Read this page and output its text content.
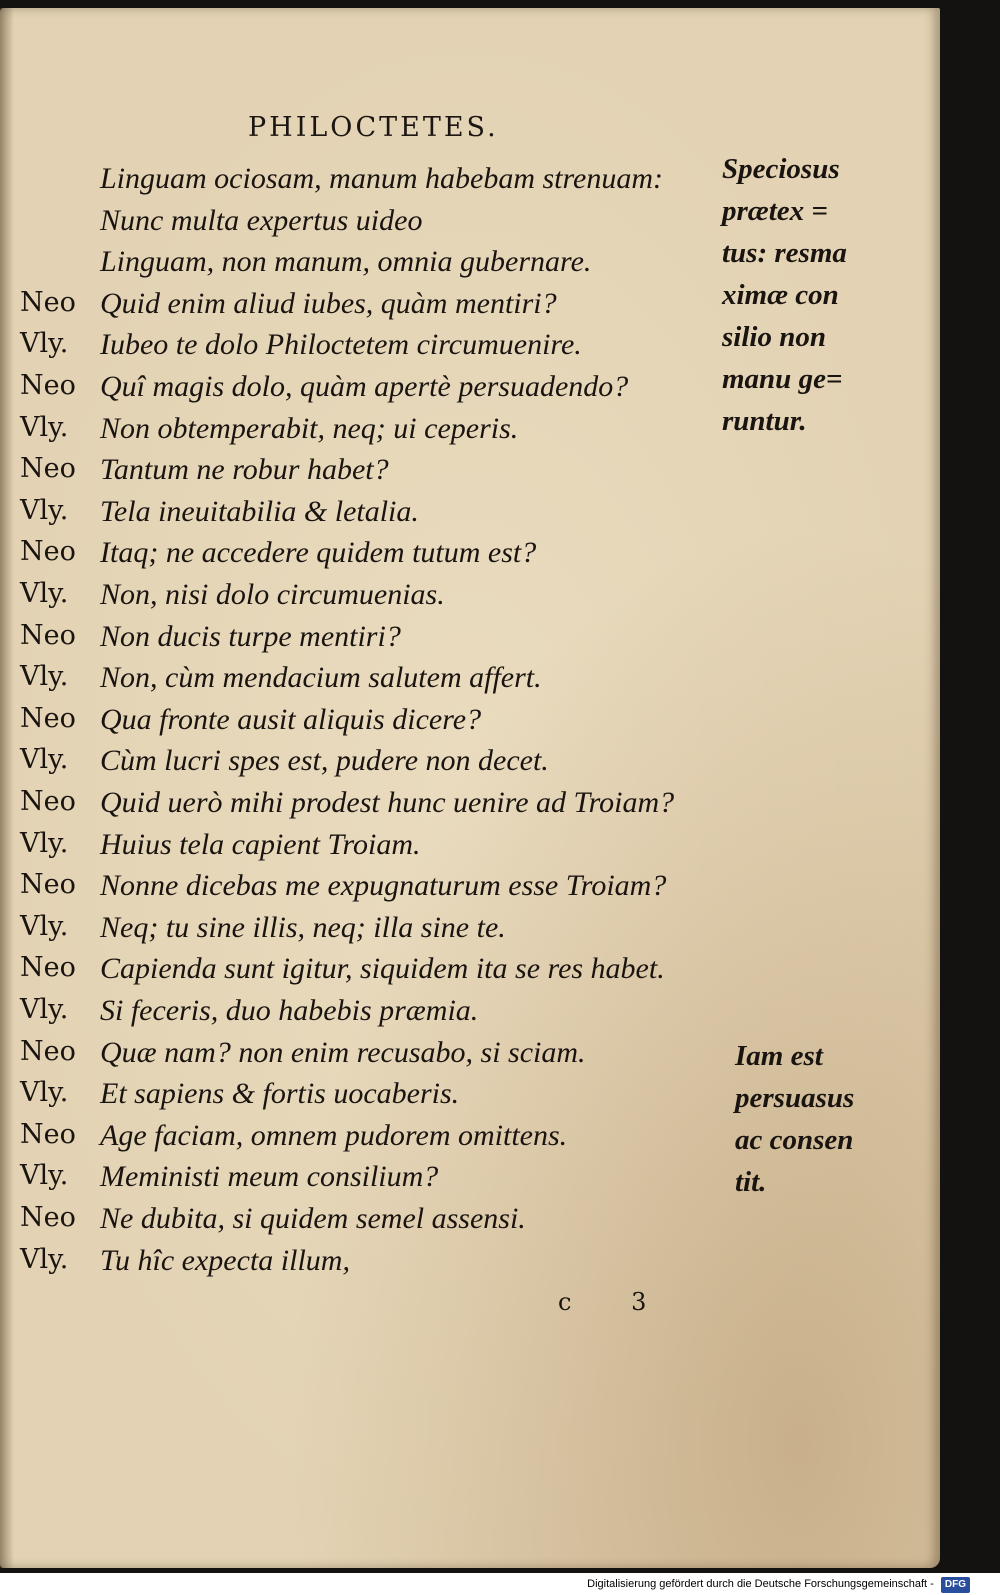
PHILOCTETES.
Linguam ociosam, manum habebam strenuam:
Nunc multa expertus uideo
Linguam, non manum, omnia gubernare.
Neo Quid enim aliud iubes, quàm mentiri?
Vly. Iubeo te dolo Philoctetem circumuenire.
Neo Quî magis dolo, quàm apertè persuadendo?
Vly. Non obtemperabit, neq; ui ceperis.
Neo Tantum ne robur habet?
Vly. Tela ineuitabilia & letalia.
Neo Itaq; ne accedere quidem tutum est?
Vly. Non, nisi dolo circumuenias.
Neo Non ducis turpe mentiri?
Vly. Non, cùm mendacium salutem affert.
Neo Qua fronte ausit aliquis dicere?
Vly. Cùm lucri spes est, pudere non decet.
Neo Quid uerò mihi prodest hunc uenire ad Troiam?
Vly. Huius tela capient Troiam.
Neo Nonne dicebas me expugnaturum esse Troiam?
Vly. Neq; tu sine illis, neq; illa sine te.
Neo Capienda sunt igitur, siquidem ita se res habet.
Vly. Si feceris, duo habebis præmia.
Neo Quæ nam? non enim recusabo, si sciam.
Vly. Et sapiens & fortis uocaberis.
Neo Age faciam, omnem pudorem omittens.
Vly. Meministi meum consilium?
Neo Ne dubita, si quidem semel assensi.
Vly. Tu hîc expecta illum,
Speciosus
prætex =
tus: resma
ximæ con
silio non
manu ge=
runtur.
Iam est
persuasus
ac consen
tit.
c 3
Digitalisierung gefördert durch die Deutsche Forschungsgemeinschaft - DFG
